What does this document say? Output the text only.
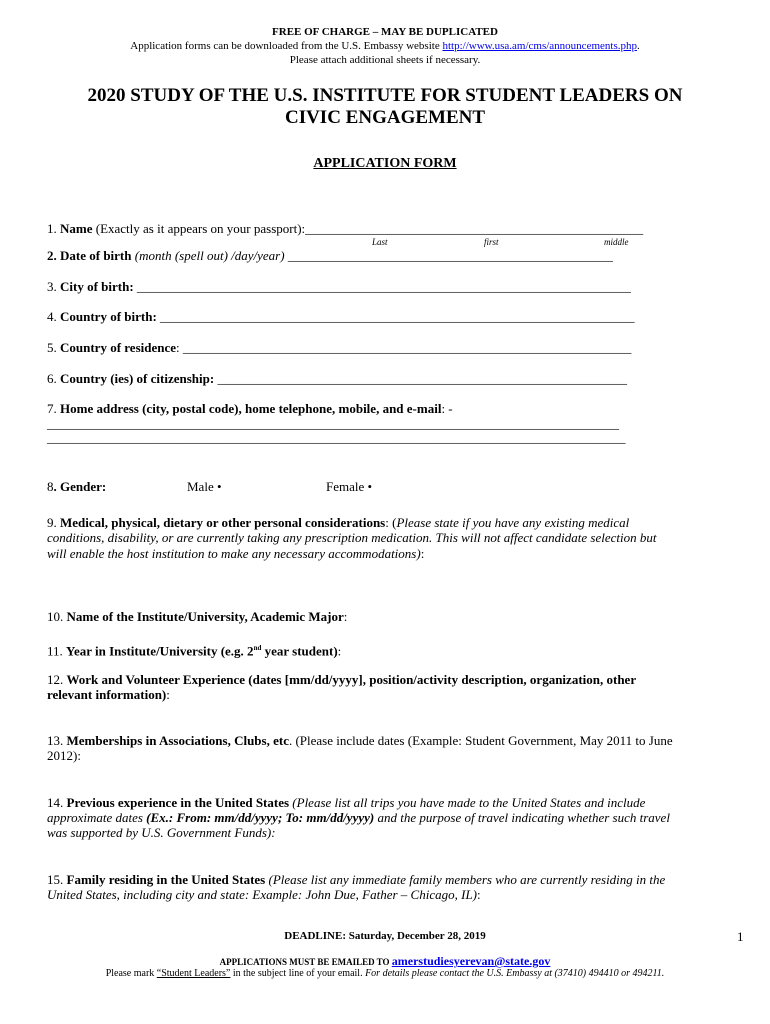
FREE OF CHARGE – MAY BE DUPLICATED
Application forms can be downloaded from the U.S. Embassy website http://www.usa.am/cms/announcements.php.
Please attach additional sheets if necessary.
2020 STUDY OF THE U.S. INSTITUTE FOR STUDENT LEADERS ON
CIVIC ENGAGEMENT
APPLICATION FORM
1. Name (Exactly as it appears on your passport):____________________________________________________
Last	first	middle
2. Date of birth (month (spell out) /day/year) __________________________________________________
3. City of birth: ____________________________________________________________________________
4. Country of birth: _________________________________________________________________________
5. Country of residence: _____________________________________________________________________
6. Country (ies) of citizenship: _______________________________________________________________
7. Home address (city, postal code), home telephone, mobile, and e-mail: -
________________________________________________________________________________________
_________________________________________________________________________________________
8. Gender:	Male •	Female •
9. Medical, physical, dietary or other personal considerations: (Please state if you have any existing medical
conditions, disability, or are currently taking any prescription medication. This will not affect candidate selection but
will enable the host institution to make any necessary accommodations):
10. Name of the Institute/University, Academic Major:
11. Year in Institute/University (e.g. 2nd year student):
12. Work and Volunteer Experience (dates [mm/dd/yyyy], position/activity description, organization, other
relevant information):
13. Memberships in Associations, Clubs, etc. (Please include dates (Example: Student Government, May 2011 to June
2012):
14. Previous experience in the United States (Please list all trips you have made to the United States and include
approximate dates (Ex.: From: mm/dd/yyyy; To: mm/dd/yyyy) and the purpose of travel indicating whether such travel
was supported by U.S. Government Funds):
15. Family residing in the United States (Please list any immediate family members who are currently residing in the
United States, including city and state: Example: John Due, Father – Chicago, IL):
DEADLINE: Saturday, December 28, 2019	1
APPLICATIONS MUST BE EMAILED TO amerstudiesyerevan@state.gov
Please mark “Student Leaders” in the subject line of your email. For details please contact the U.S. Embassy at (37410) 494410 or 494211.
